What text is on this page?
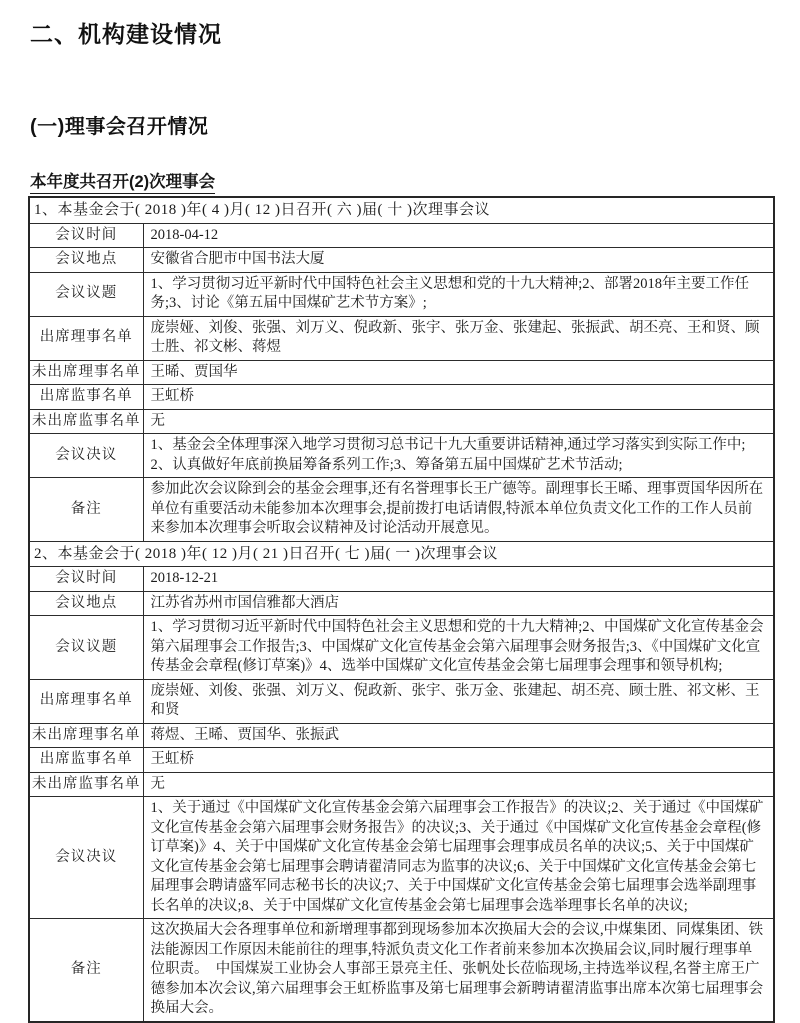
二、机构建设情况
(一)理事会召开情况
本年度共召开(2)次理事会
1、本基金会于( 2018 )年( 4 )月( 12 )日召开( 六 )届( 十 )次理事会议	
会议时间	2018-04-12
会议地点	安徽省合肥市中国书法大厦
会议议题	1、学习贯彻习近平新时代中国特色社会主义思想和党的十九大精神;2、部署2018年主要工作任务;3、讨论《第五届中国煤矿艺术节方案》;
出席理事名单	庞崇娅、刘俊、张强、刘万义、倪政新、张宇、张万金、张建起、张振武、胡丕亮、王和贤、顾士胜、祁文彬、蒋煜
未出席理事名单	王晞、贾国华
出席监事名单	王虹桥
未出席监事名单	无
会议决议	1、基金会全体理事深入地学习贯彻习总书记十九大重要讲话精神,通过学习落实到实际工作中;2、认真做好年底前换届筹备系列工作;3、筹备第五届中国煤矿艺术节活动;
备注	参加此次会议除到会的基金会理事,还有名誉理事长王广德等。副理事长王晞、理事贾国华因所在单位有重要活动未能参加本次理事会,提前拨打电话请假,特派本单位负责文化工作的工作人员前来参加本次理事会听取会议精神及讨论活动开展意见。
2、本基金会于( 2018 )年( 12 )月( 21 )日召开( 七 )届( 一 )次理事会议	
会议时间	2018-12-21
会议地点	江苏省苏州市国信雅都大酒店
会议议题	1、学习贯彻习近平新时代中国特色社会主义思想和党的十九大精神;2、中国煤矿文化宣传基金会第六届理事会工作报告;3、中国煤矿文化宣传基金会第六届理事会财务报告;3、《中国煤矿文化宣传基金会章程(修订草案)》4、选举中国煤矿文化宣传基金会第七届理事会理事和领导机构;
出席理事名单	庞崇娅、刘俊、张强、刘万义、倪政新、张宇、张万金、张建起、胡丕亮、顾士胜、祁文彬、王和贤
未出席理事名单	蒋煜、王晞、贾国华、张振武
出席监事名单	王虹桥
未出席监事名单	无
会议决议	1、关于通过《中国煤矿文化宣传基金会第六届理事会工作报告》的决议;2、关于通过《中国煤矿文化宣传基金会第六届理事会财务报告》的决议;3、关于通过《中国煤矿文化宣传基金会章程(修订草案)》4、关于中国煤矿文化宣传基金会第七届理事会理事成员名单的决议;5、关于中国煤矿文化宣传基金会第七届理事会聘请翟清同志为监事的决议;6、关于中国煤矿文化宣传基金会第七届理事会聘请盛军同志秘书长的决议;7、关于中国煤矿文化宣传基金会第七届理事会选举副理事长名单的决议;8、关于中国煤矿文化宣传基金会第七届理事会选举理事长名单的决议;
备注	这次换届大会各理事单位和新增理事都到现场参加本次换届大会的会议,中煤集团、同煤集团、铁法能源因工作原因未能前往的理事,特派负责文化工作者前来参加本次换届会议,同时履行理事单位职责。　中国煤炭工业协会人事部王景亮主任、张帆处长莅临现场,主持选举议程,名誉主席王广德参加本次会议,第六届理事会王虹桥监事及第七届理事会新聘请翟清监事出席本次第七届理事会换届大会。
